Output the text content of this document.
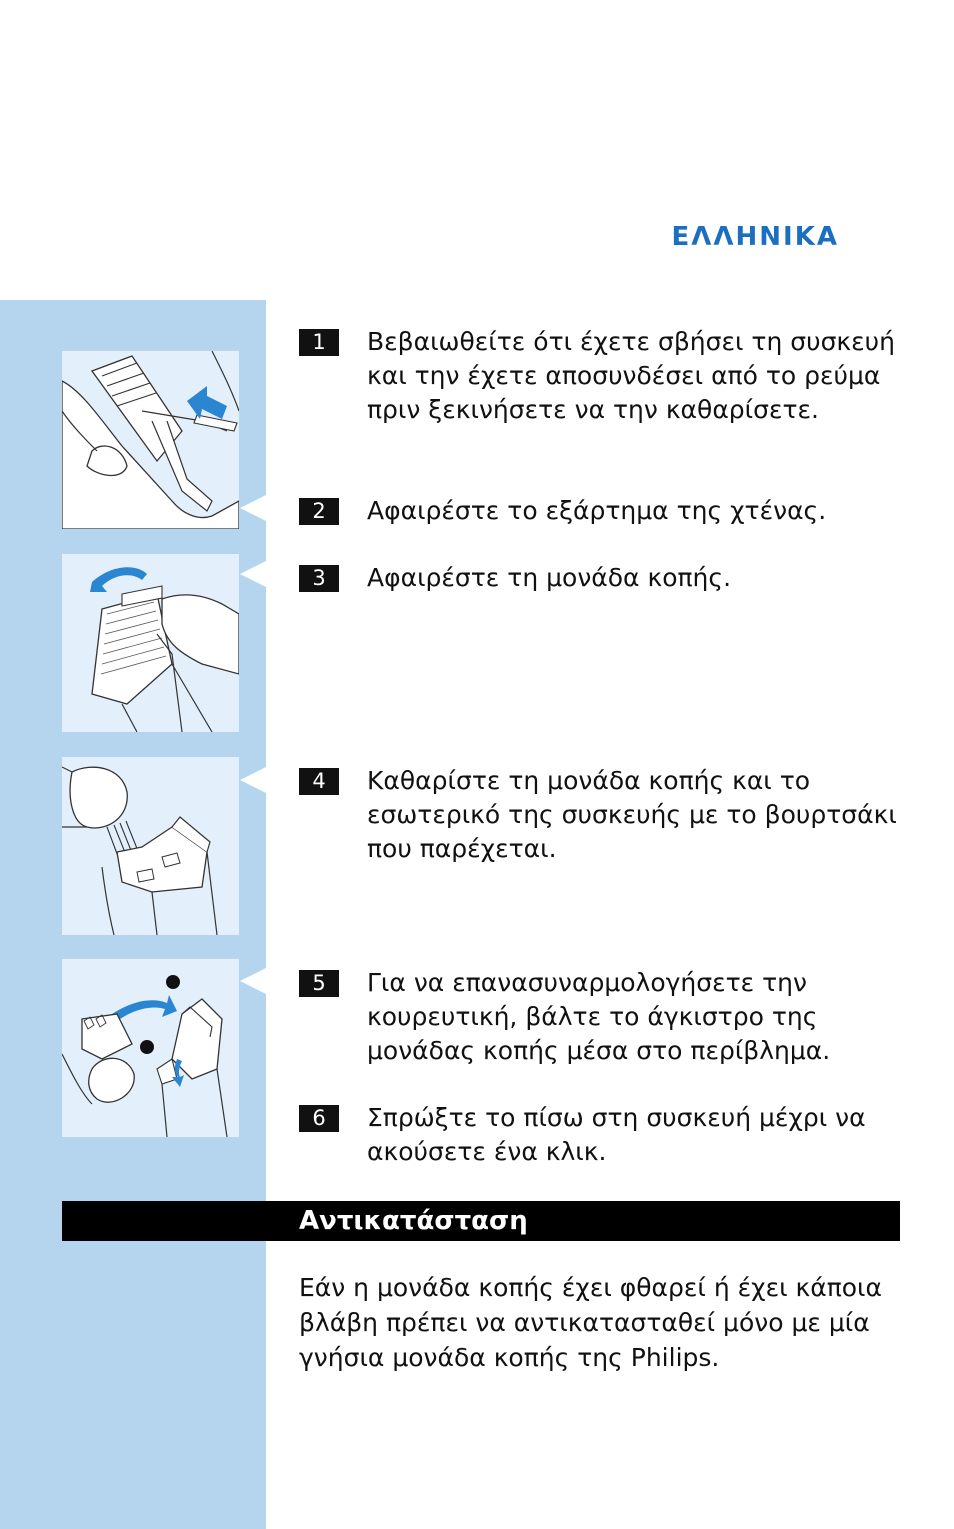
ΕΛΛΗΝΙΚΑ
1	Βεβαιωθείτε ότι έχετε σβήσει τη συσκευή και την έχετε αποσυνδέσει από το ρεύμα πριν ξεκινήσετε να την καθαρίσετε.
2	Αφαιρέστε το εξάρτημα της χτένας.
3	Αφαιρέστε τη μονάδα κοπής.
4	Καθαρίστε τη μονάδα κοπής και το εσωτερικό της συσκευής με το βουρτσάκι που παρέχεται.
5	Για να επανασυναρμολογήσετε την κουρευτική, βάλτε το άγκιστρο της μονάδας κοπής μέσα στο περίβλημα.
6	Σπρώξτε το πίσω στη συσκευή μέχρι να ακούσετε ένα κλικ.
Αντικατάσταση
Εάν η μονάδα κοπής έχει φθαρεί ή έχει κάποια βλάβη πρέπει να αντικατασταθεί μόνο με μία γνήσια μονάδα κοπής της Philips.
